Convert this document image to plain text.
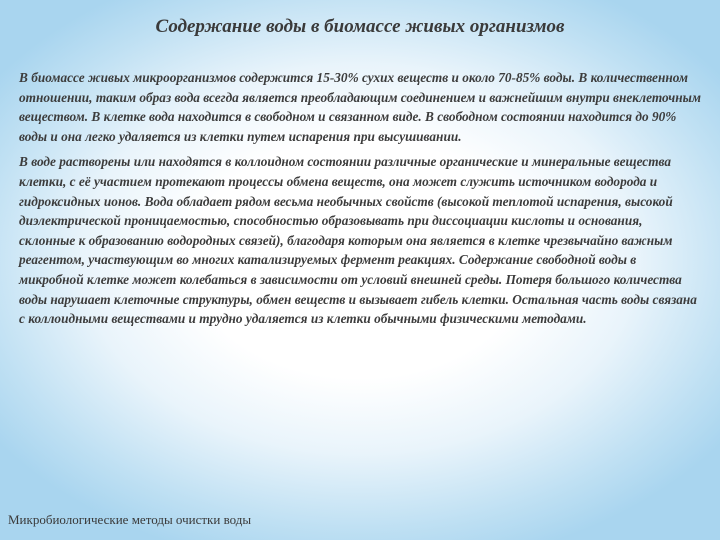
Содержание воды в биомассе живых организмов

В биомассе живых микроорганизмов содержится 15-30% сухих веществ и около 70-85% воды. В количественном отношении, таким образ вода всегда является преобладающим соединением и важнейшим внутри внеклеточным веществом. В клетке вода находится в свободном и связанном виде. В свободном состоянии находится до 90% воды и она легко удаляется из клетки путем испарения при высушивании.

В воде растворены или находятся в коллоидном состоянии различные органические и минеральные вещества клетки, с её участием протекают процессы обмена веществ, она может служить источником водорода и гидроксидных ионов. Вода обладает рядом весьма необычных свойств (высокой теплотой испарения, высокой диэлектрической проницаемостью, способностью образовывать при диссоциации кислоты и основания, склонные к образованию водородных связей), благодаря которым она является в клетке чрезвычайно важным реагентом, участвующим во многих катализируемых фермент реакциях. Содержание свободной воды в микробной клетке может колебаться в зависимости от условий внешней среды. Потеря большого количества воды нарушает клеточные структуры, обмен веществ и вызывает гибель клетки. Остальная часть воды связана с коллоидными веществами и трудно удаляется из клетки обычными физическими методами.

Микробиологические методы очистки воды
